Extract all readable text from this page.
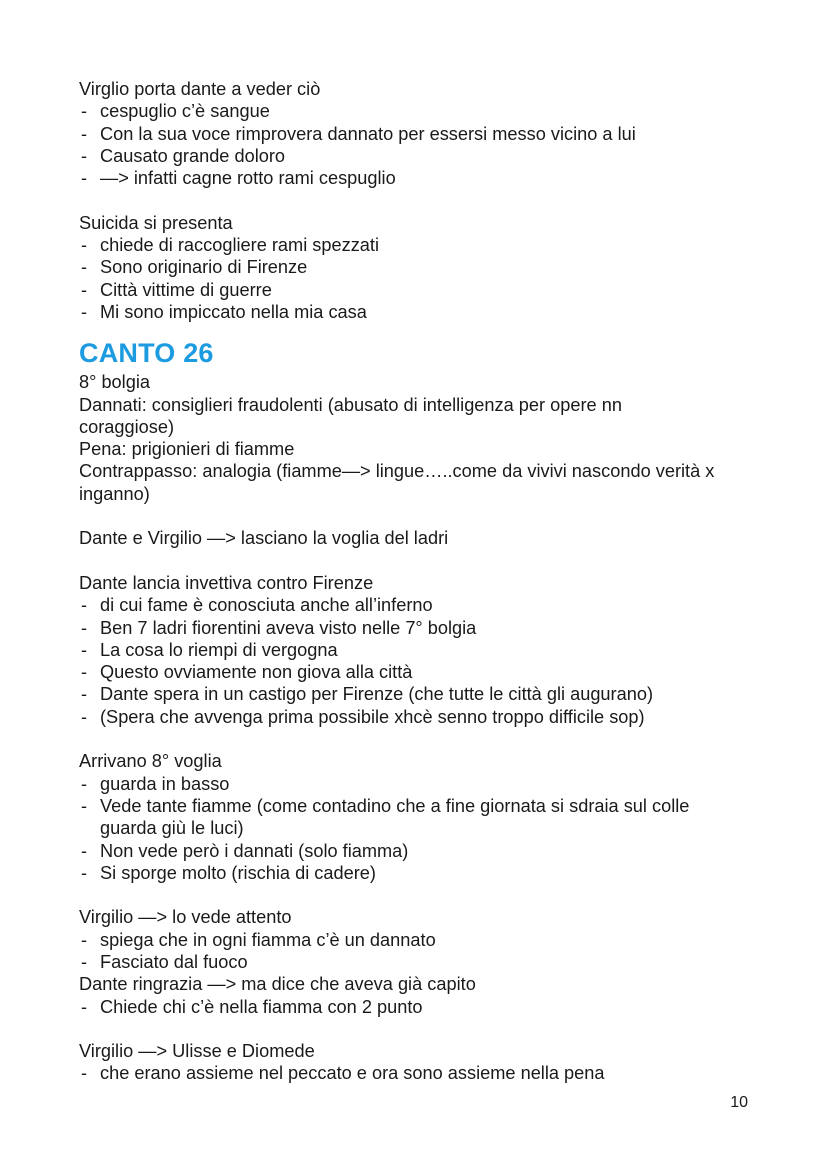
Virglio porta dante a veder ciò

- cespuglio c’è sangue
- Con la sua voce rimprovera dannato per essersi messo vicino a lui
- Causato grande doloro
- —> infatti cagne rotto rami cespuglio

Suicida si presenta

- chiede di raccogliere rami spezzati
- Sono originario di Firenze
- Città vittime di guerre
- Mi sono impiccato nella mia casa
CANTO 26

8° bolgia

Dannati: consiglieri fraudolenti (abusato di intelligenza per opere nn coraggiose)

Pena: prigionieri di fiamme

Contrappasso: analogia (fiamme—> lingue…..come da vivivi nascondo verità x inganno)

Dante e Virgilio —> lasciano la voglia del ladri

Dante lancia invettiva contro Firenze

- di cui fame è conosciuta anche all’inferno
- Ben 7 ladri fiorentini aveva visto nelle 7° bolgia
- La cosa lo riempi di vergogna
- Questo ovviamente non giova alla città
- Dante spera in un castigo per Firenze (che tutte le città gli augurano)
- (Spera che avvenga prima possibile xhcè senno troppo difficile sop)

Arrivano 8° voglia

- guarda in basso
- Vede tante fiamme (come contadino che a fine giornata si sdraia sul colle guarda giù le luci)
- Non vede però i dannati (solo fiamma)
- Si sporge molto (rischia di cadere)

Virgilio —> lo vede attento

- spiega che in ogni fiamma c’è un dannato
- Fasciato dal fuoco

Dante ringrazia —> ma dice che aveva già capito

- Chiede chi c’è nella fiamma con 2 punto

Virgilio —> Ulisse e Diomede

- che erano assieme nel peccato e ora sono assieme nella pena
10
